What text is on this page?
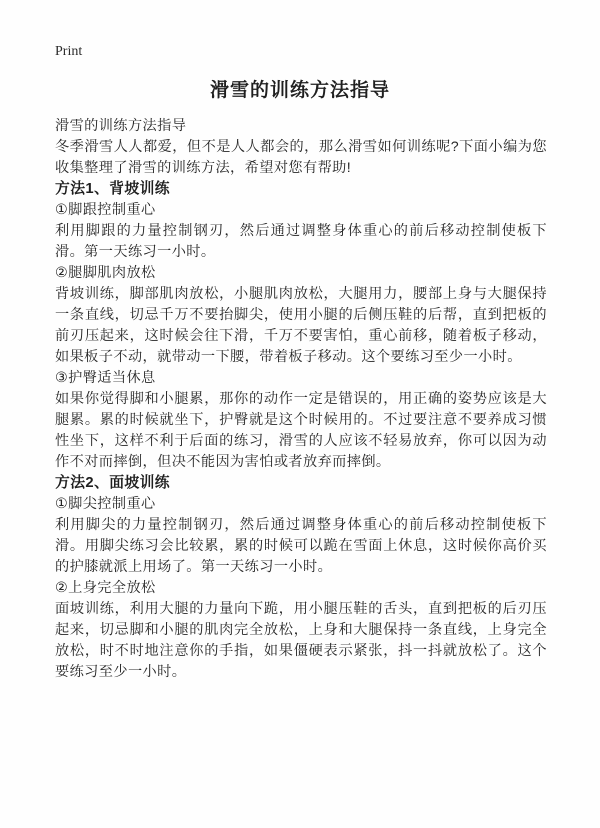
Print
滑雪的训练方法指导

滑雪的训练方法指导

冬季滑雪人人都爱，但不是人人都会的，那么滑雪如何训练呢?下面小编为您收集整理了滑雪的训练方法，希望对您有帮助!

方法1、背坡训练

①脚跟控制重心

利用脚跟的力量控制钢刃，然后通过调整身体重心的前后移动控制使板下滑。第一天练习一小时。

②腿脚肌肉放松

背坡训练，脚部肌肉放松，小腿肌肉放松，大腿用力，腰部上身与大腿保持一条直线，切忌千万不要抬脚尖，使用小腿的后侧压鞋的后帮，直到把板的前刃压起来，这时候会往下滑，千万不要害怕，重心前移，随着板子移动，如果板子不动，就带动一下腰，带着板子移动。这个要练习至少一小时。

③护臀适当休息

如果你觉得脚和小腿累，那你的动作一定是错误的，用正确的姿势应该是大腿累。累的时候就坐下，护臀就是这个时候用的。不过要注意不要养成习惯性坐下，这样不利于后面的练习，滑雪的人应该不轻易放弃，你可以因为动作不对而摔倒，但决不能因为害怕或者放弃而摔倒。

方法2、面坡训练

①脚尖控制重心

利用脚尖的力量控制钢刃，然后通过调整身体重心的前后移动控制使板下滑。用脚尖练习会比较累，累的时候可以跪在雪面上休息，这时候你高价买的护膝就派上用场了。第一天练习一小时。

②上身完全放松

面坡训练，利用大腿的力量向下跪，用小腿压鞋的舌头，直到把板的后刃压起来，切忌脚和小腿的肌肉完全放松，上身和大腿保持一条直线，上身完全放松，时不时地注意你的手指，如果僵硬表示紧张，抖一抖就放松了。这个要练习至少一小时。
